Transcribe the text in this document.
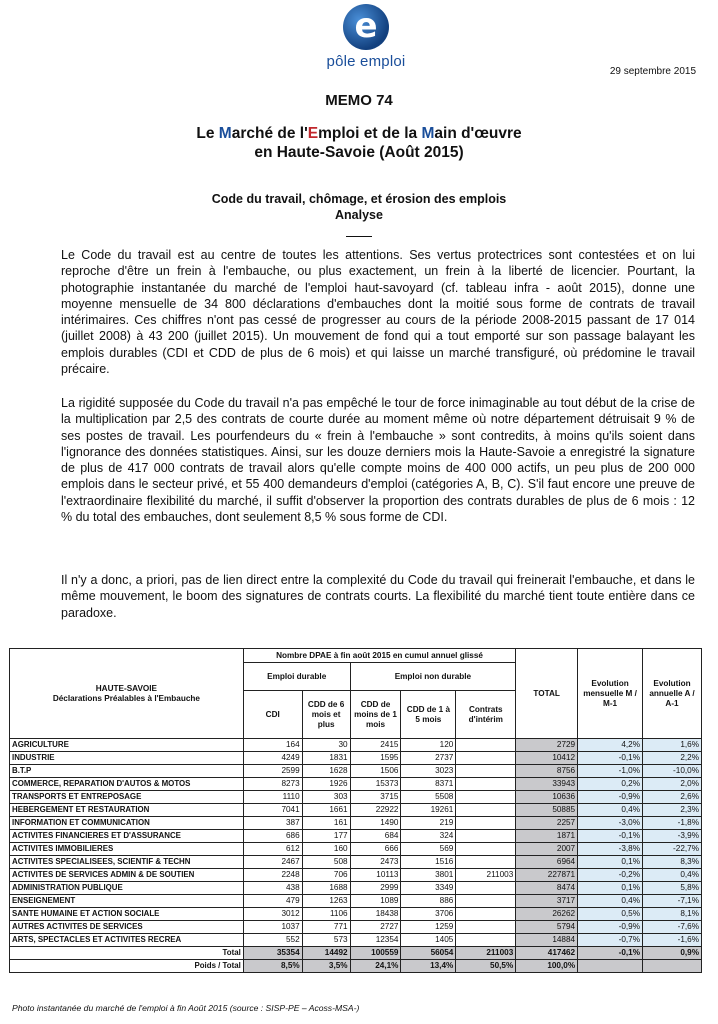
e
pôle emploi
29 septembre 2015
MEMO 74
Le Marché de l'Emploi et de la Main d'œuvre
en Haute-Savoie (Août 2015)
Code du travail, chômage, et érosion des emplois
Analyse
Le Code du travail est au centre de toutes les attentions. Ses vertus protectrices sont contestées et on lui reproche d'être un frein à l'embauche, ou plus exactement, un frein à la liberté de licencier. Pourtant, la photographie instantanée du marché de l'emploi haut-savoyard (cf. tableau infra - août 2015), donne une moyenne mensuelle de 34 800 déclarations d'embauches dont la moitié sous forme de contrats de travail intérimaires. Ces chiffres n'ont pas cessé de progresser au cours de la période 2008-2015 passant de 17 014 (juillet 2008) à 43 200 (juillet 2015). Un mouvement de fond qui a tout emporté sur son passage balayant les emplois durables (CDI et CDD de plus de 6 mois) et qui laisse un marché transfiguré, où prédomine le travail précaire.
La rigidité supposée du Code du travail n'a pas empêché le tour de force inimaginable au tout début de la crise de la multiplication par 2,5 des contrats de courte durée au moment même où notre département détruisait 9 % de ses postes de travail. Les pourfendeurs du « frein à l'embauche » sont contredits, à moins qu'ils soient dans l'ignorance des données statistiques. Ainsi, sur les douze derniers mois la Haute-Savoie a enregistré la signature de plus de 417 000 contrats de travail alors qu'elle compte moins de 400 000 actifs, un peu plus de 200 000 emplois dans le secteur privé, et 55 400 demandeurs d'emploi (catégories A, B, C). S'il faut encore une preuve de l'extraordinaire flexibilité du marché, il suffit d'observer la proportion des contrats durables de plus de 6 mois : 12 % du total des embauches, dont seulement 8,5 % sous forme de CDI.
Il n'y a donc, a priori, pas de lien direct entre la complexité du Code du travail qui freinerait l'embauche, et dans le même mouvement, le boom des signatures de contrats courts. La flexibilité du marché tient toute entière dans ce paradoxe.
HAUTE-SAVOIE
Déclarations Préalables à l'Embauche	Nombre DPAE à fin août 2015 en cumul annuel glissé					TOTAL	Evolution mensuelle M / M-1	Evolution annuelle A / A-1
	Emploi durable		Emploi non durable					
	CDI	CDD de 6 mois et plus	CDD de moins de 1 mois	CDD de 1 à 5 mois	Contrats d'intérim			
AGRICULTURE	164	30	2415	120		2729	4,2%	1,6%
INDUSTRIE	4249	1831	1595	2737		10412	-0,1%	2,2%
B.T.P	2599	1628	1506	3023		8756	-1,0%	-10,0%
COMMERCE, REPARATION D'AUTOS & MOTOS	8273	1926	15373	8371		33943	0,2%	2,0%
TRANSPORTS ET ENTREPOSAGE	1110	303	3715	5508		10636	-0,9%	2,6%
HEBERGEMENT ET RESTAURATION	7041	1661	22922	19261		50885	0,4%	2,3%
INFORMATION ET COMMUNICATION	387	161	1490	219		2257	-3,0%	-1,8%
ACTIVITES FINANCIERES ET D'ASSURANCE	686	177	684	324		1871	-0,1%	-3,9%
ACTIVITES IMMOBILIERES	612	160	666	569		2007	-3,8%	-22,7%
ACTIVITES SPECIALISEES, SCIENTIF & TECHN	2467	508	2473	1516		6964	0,1%	8,3%
ACTIVITES DE SERVICES ADMIN & DE SOUTIEN	2248	706	10113	3801	211003	227871	-0,2%	0,4%
ADMINISTRATION PUBLIQUE	438	1688	2999	3349		8474	0,1%	5,8%
ENSEIGNEMENT	479	1263	1089	886		3717	0,4%	-7,1%
SANTE HUMAINE ET ACTION SOCIALE	3012	1106	18438	3706		26262	0,5%	8,1%
AUTRES ACTIVITES DE SERVICES	1037	771	2727	1259		5794	-0,9%	-7,6%
ARTS, SPECTACLES ET ACTIVITES RECREA	552	573	12354	1405		14884	-0,7%	-1,6%
Total	35354	14492	100559	56054	211003	417462	-0,1%	0,9%
Poids / Total	8,5%	3,5%	24,1%	13,4%	50,5%	100,0%		
Photo instantanée du marché de l'emploi à fin Août 2015 (source : SISP-PE – Acoss-MSA-)
